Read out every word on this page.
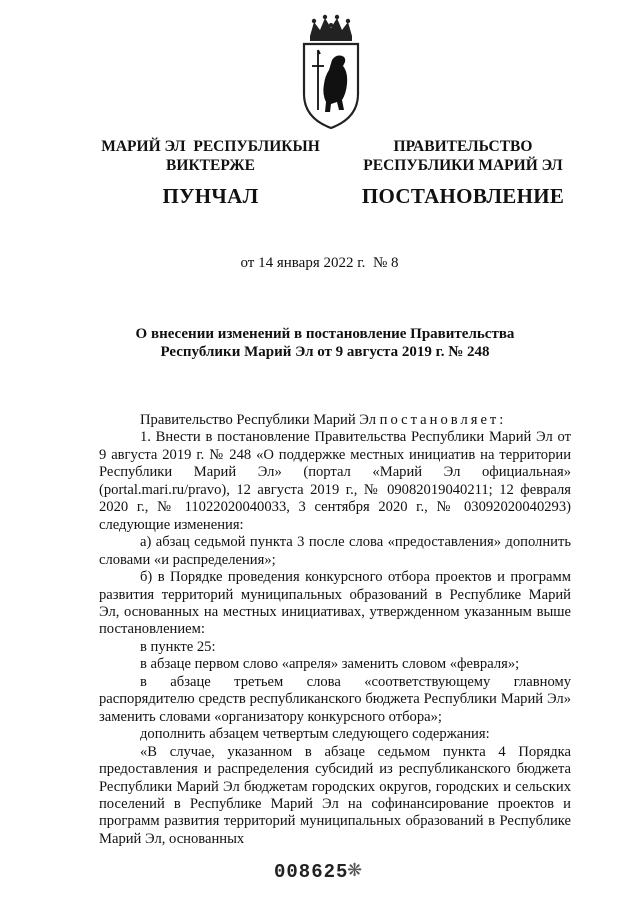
МАРИЙ ЭЛ  РЕСПУБЛИКЫН
ВИКТЕРЖЕ
ПУНЧАЛ
ПРАВИТЕЛЬСТВО
РЕСПУБЛИКИ МАРИЙ ЭЛ
ПОСТАНОВЛЕНИЕ
от 14 января 2022 г. № 8
О внесении изменений в постановление Правительства
Республики Марий Эл от 9 августа 2019 г. № 248

Правительство Республики Марий Эл постановляет:

1. Внести в постановление Правительства Республики Марий Эл от 9 августа 2019 г. № 248 «О поддержке местных инициатив на территории Республики Марий Эл» (портал «Марий Эл официальная» (portal.mari.ru/pravo), 12 августа 2019 г., № 09082019040211; 12 февраля 2020 г., № 11022020040033, 3 сентября 2020 г., № 03092020040293) следующие изменения:

а) абзац седьмой пункта 3 после слова «предоставления» дополнить словами «и распределения»;

б) в Порядке проведения конкурсного отбора проектов и программ развития территорий муниципальных образований в Республике Марий Эл, основанных на местных инициативах, утвержденном указанным выше постановлением:

в пункте 25:

в абзаце первом слово «апреля» заменить словом «февраля»;

в абзаце третьем слова «соответствующему главному распорядителю средств республиканского бюджета Республики Марий Эл» заменить словами «организатору конкурсного отбора»;

дополнить абзацем четвертым следующего содержания:

«В случае, указанном в абзаце седьмом пункта 4 Порядка предоставления и распределения субсидий из республиканского бюджета Республики Марий Эл бюджетам городских округов, городских и сельских поселений в Республике Марий Эл на софинансирование проектов и программ развития территорий муниципальных образований в Республике Марий Эл, основанных

008625
❋
